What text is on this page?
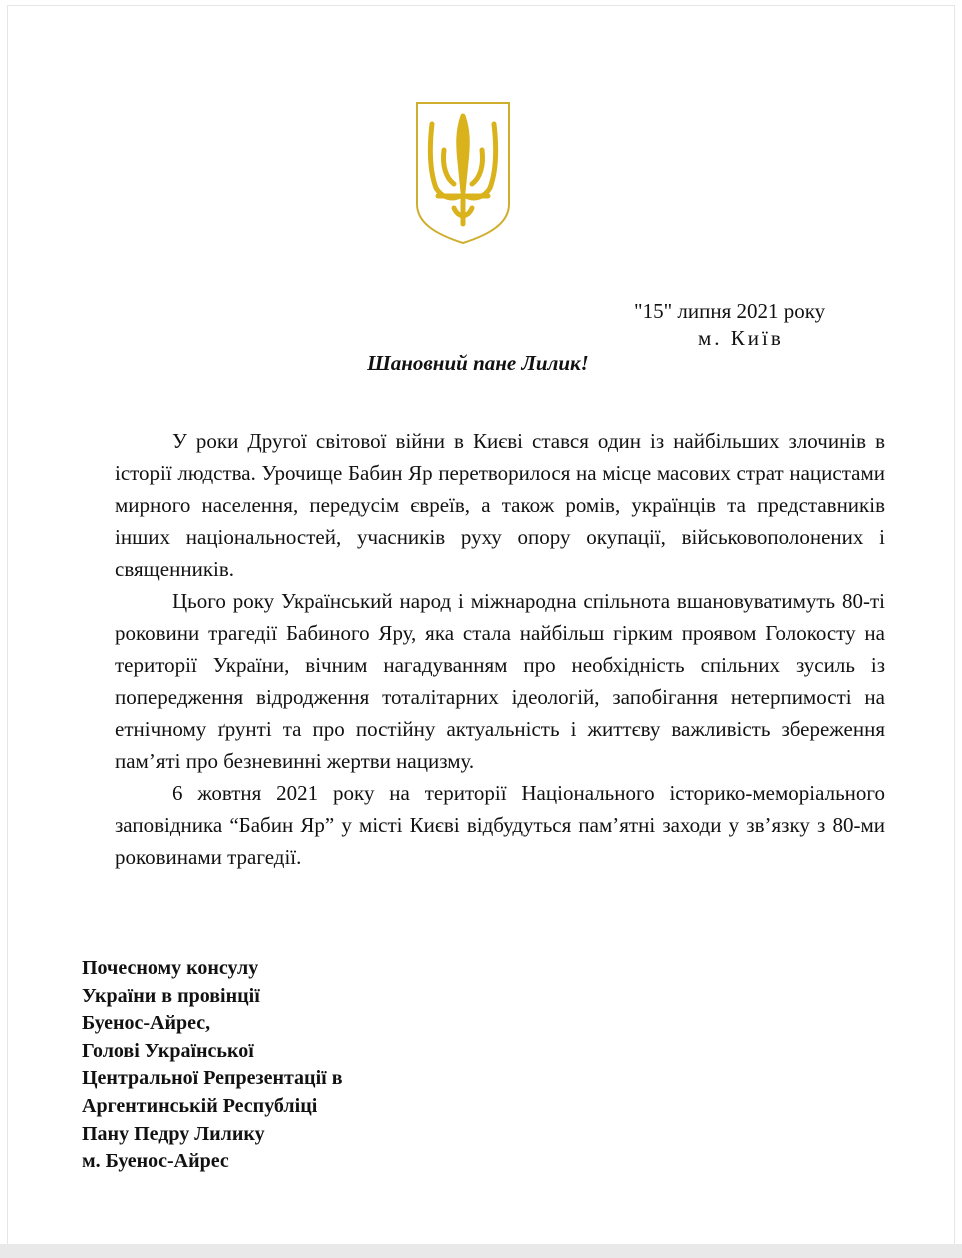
"15" липня 2021 року
м. Київ
Шановний пане Лилик!

У роки Другої світової війни в Києві стався один із найбільших злочинів в історії людства. Урочище Бабин Яр перетворилося на місце масових страт нацистами мирного населення, передусім євреїв, а також ромів, українців та представників інших національностей, учасників руху опору окупації, військовополонених і священників.

Цього року Український народ і міжнародна спільнота вшановуватимуть 80-ті роковини трагедії Бабиного Яру, яка стала найбільш гірким проявом Голокосту на території України, вічним нагадуванням про необхідність спільних зусиль із попередження відродження тоталітарних ідеологій, запобігання нетерпимості на етнічному ґрунті та про постійну актуальність і життєву важливість збереження пам’яті про безневинні жертви нацизму.

6 жовтня 2021 року на території Національного історико-меморіального заповідника “Бабин Яр” у місті Києві відбудуться пам’ятні заходи у зв’язку з 80-ми роковинами трагедії.

Почесному консулу
України в провінції
Буенос-Айрес,
Голові Української
Центральної Репрезентації в
Аргентинській Республіці
Пану Педру Лилику
м. Буенос-Айрес
